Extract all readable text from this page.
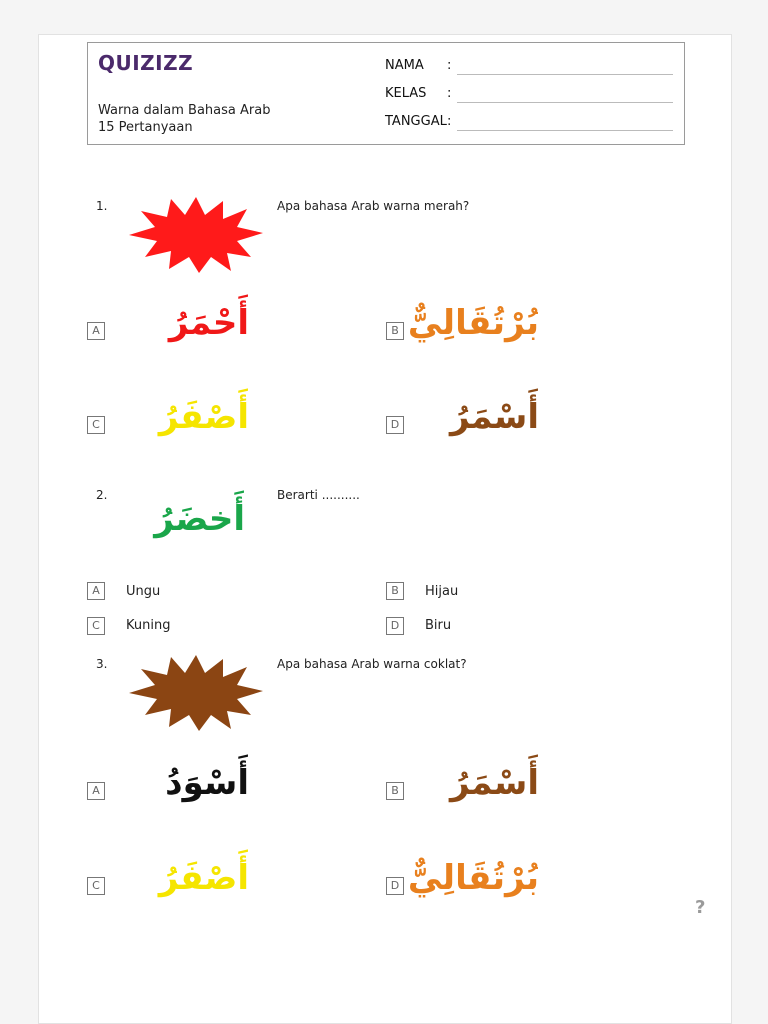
QUIZIZZ
Warna dalam Bahasa Arab
15 Pertanyaan
NAMA :
KELAS :
TANGGAL :
1.	Apa bahasa Arab warna merah?
A	أَحْمَرُ	B بُرْتُقَالِيٌّ
C أَصْفَرُ	D	أَسْمَرُ
2.
أَخضَرُ
Berarti ..........
A	Ungu	B	Hijau
C	Kuning	D	Biru
3.	Apa bahasa Arab warna coklat?
A	أَسْوَدُ	B	أَسْمَرُ
C أَصْفَرُ	D بُرْتُقَالِيٌّ
?
